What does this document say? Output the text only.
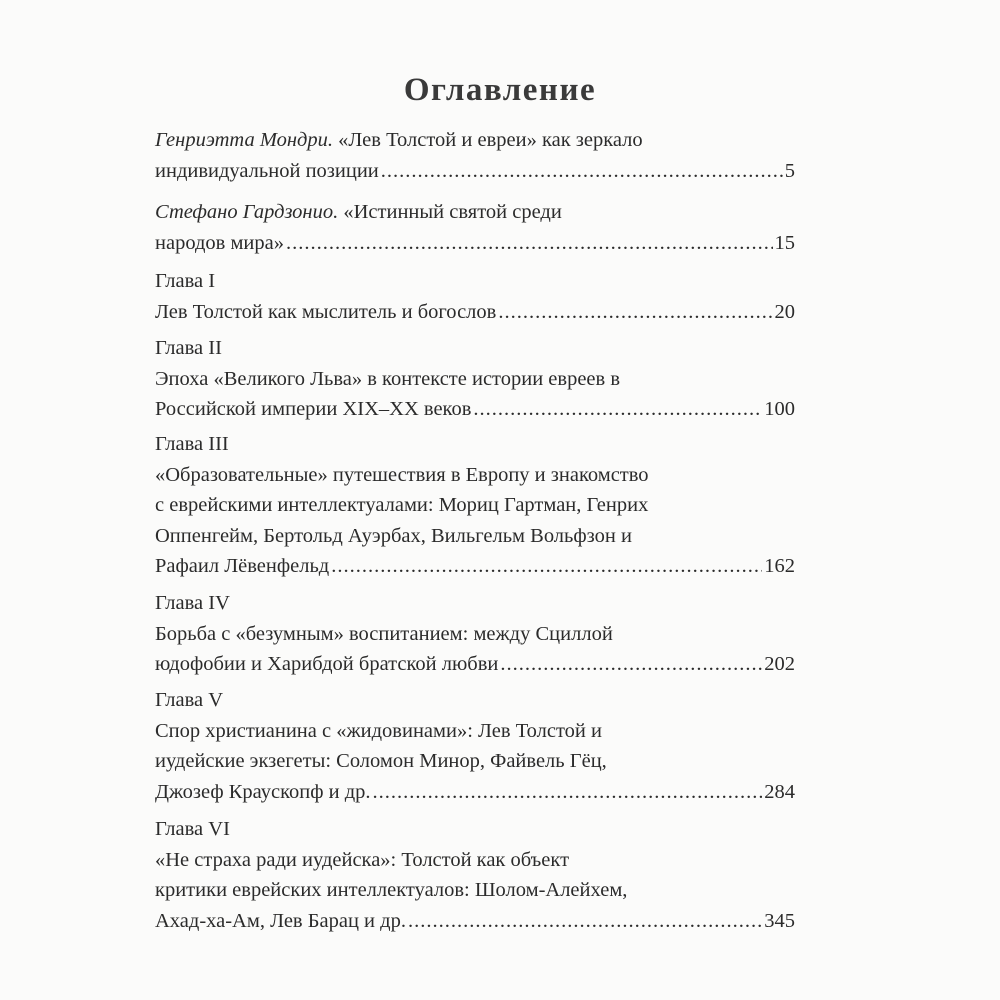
Оглавление
Генриэтта Мондри. «Лев Толстой и евреи» как зеркало
индивидуальной позиции .....	5
Стефано Гардзонио. «Истинный святой среди
народов мира» .....	15
Глава I
Лев Толстой как мыслитель и богослов .....	20
Глава II
Эпоха «Великого Льва» в контексте истории евреев в
Российской империи XIX–XX веков .....	100
Глава III
«Образовательные» путешествия в Европу и знакомство
с еврейскими интеллектуалами: Мориц Гартман, Генрих
Оппенгейм, Бертольд Ауэрбах, Вильгельм Вольфзон и
Рафаил Лёвенфельд .....	162
Глава IV
Борьба с «безумным» воспитанием: между Сциллой
юдофобии и Харибдой братской любви .....	202
Глава V
Спор христианина с «жидовинами»: Лев Толстой и
иудейские экзегеты: Соломон Минор, Файвель Гёц,
Джозеф Краускопф и др. .....	284
Глава VI
«Не страха ради иудейска»: Толстой как объект
критики еврейских интеллектуалов: Шолом-Алейхем,
Ахад-ха-Ам, Лев Барац и др. .....	345
